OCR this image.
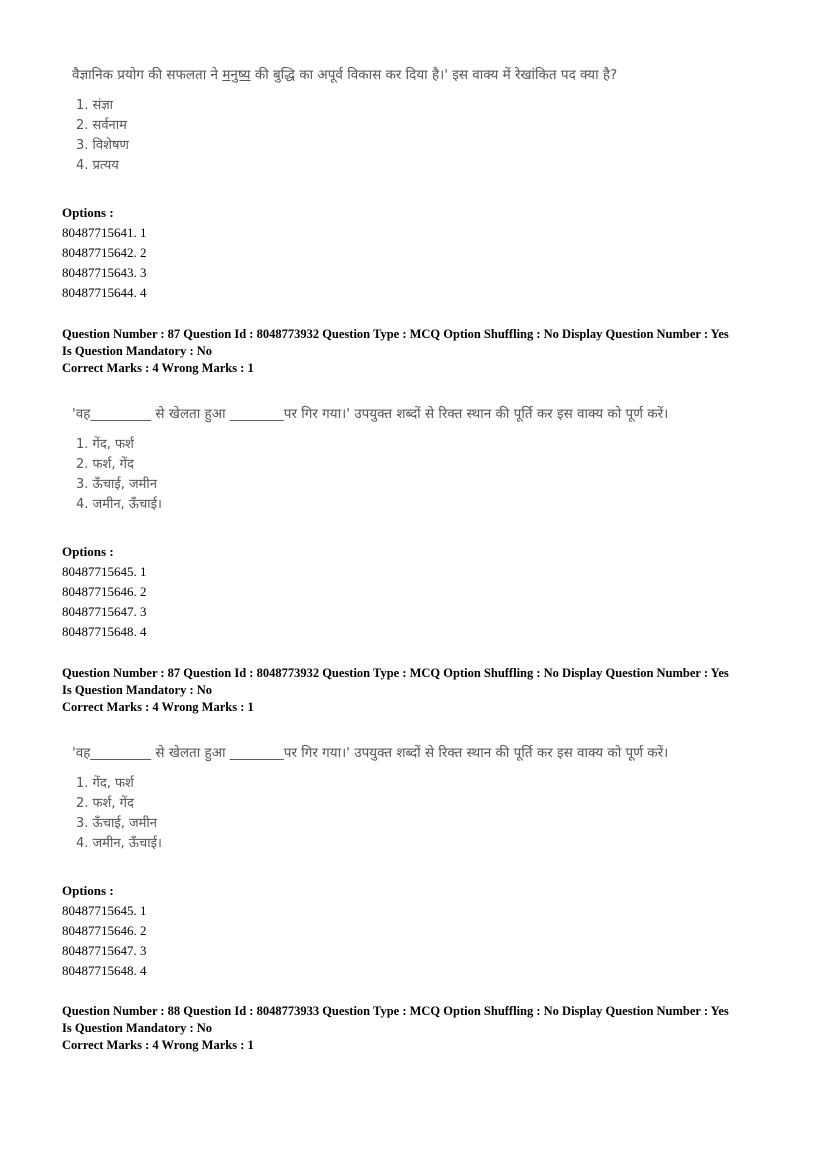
वैज्ञानिक प्रयोग की सफलता ने मनुष्य की बुद्धि का अपूर्व विकास कर दिया है।' इस वाक्य में रेखांकित पद क्या है?
1. संज्ञा
2. सर्वनाम
3. विशेषण
4. प्रत्यय
Options :
80487715641. 1
80487715642. 2
80487715643. 3
80487715644. 4
Question Number : 87 Question Id : 8048773932 Question Type : MCQ Option Shuffling : No Display Question Number : Yes
Is Question Mandatory : No
Correct Marks : 4 Wrong Marks : 1
'वह_________ से खेलता हुआ ________पर गिर गया।' उपयुक्त शब्दों से रिक्त स्थान की पूर्ति कर इस वाक्य को पूर्ण करें।
1. गेंद, फर्श
2. फर्श, गेंद
3. ऊँचाई, जमीन
4. जमीन, ऊँचाई।
Options :
80487715645. 1
80487715646. 2
80487715647. 3
80487715648. 4
Question Number : 87 Question Id : 8048773932 Question Type : MCQ Option Shuffling : No Display Question Number : Yes
Is Question Mandatory : No
Correct Marks : 4 Wrong Marks : 1
'वह_________ से खेलता हुआ ________पर गिर गया।' उपयुक्त शब्दों से रिक्त स्थान की पूर्ति कर इस वाक्य को पूर्ण करें।
1. गेंद, फर्श
2. फर्श, गेंद
3. ऊँचाई, जमीन
4. जमीन, ऊँचाई।
Options :
80487715645. 1
80487715646. 2
80487715647. 3
80487715648. 4
Question Number : 88 Question Id : 8048773933 Question Type : MCQ Option Shuffling : No Display Question Number : Yes
Is Question Mandatory : No
Correct Marks : 4 Wrong Marks : 1
